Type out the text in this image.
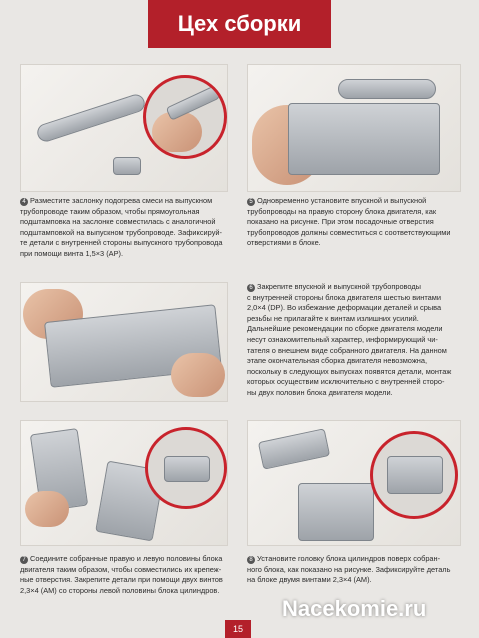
Цех сборки

4 Разместите заслонку подогрева смеси на выпускном

трубопроводе таким образом, чтобы прямоугольная

подштамповка на заслонке совместилась с аналогичной

подштамповкой на выпускном трубопроводе. Зафиксируй-

те детали с внутренней стороны выпускного трубопровода

при помощи винта 1,5×3 (AP).

5 Одновременно установите впускной и выпускной

трубопроводы на правую сторону блока двигателя, как

показано на рисунке. При этом посадочные отверстия

трубопроводов должны совместиться с соответствующими

отверстиями в блоке.

6 Закрепите впускной и выпускной трубопроводы

с внутренней стороны блока двигателя шестью винтами

2,0×4 (DP). Во избежание деформации деталей и срыва

резьбы не прилагайте к винтам излишних усилий.

Дальнейшие рекомендации по сборке двигателя модели

несут ознакомительный характер, информирующий чи-

тателя о внешнем виде собранного двигателя. На данном

этапе окончательная сборка двигателя невозможна,

поскольку в следующих выпусках появятся детали, монтаж

которых осуществим исключительно с внутренней сторо-

ны двух половин блока двигателя модели.

7 Соедините собранные правую и левую половины блока

двигателя таким образом, чтобы совместились их крепеж-

ные отверстия. Закрепите детали при помощи двух винтов

2,3×4 (AM) со стороны левой половины блока цилиндров.

8 Установите головку блока цилиндров поверх собран-

ного блока, как показано на рисунке. Зафиксируйте деталь

на блоке двумя винтами 2,3×4 (AM).

Nacekomie.ru
15
